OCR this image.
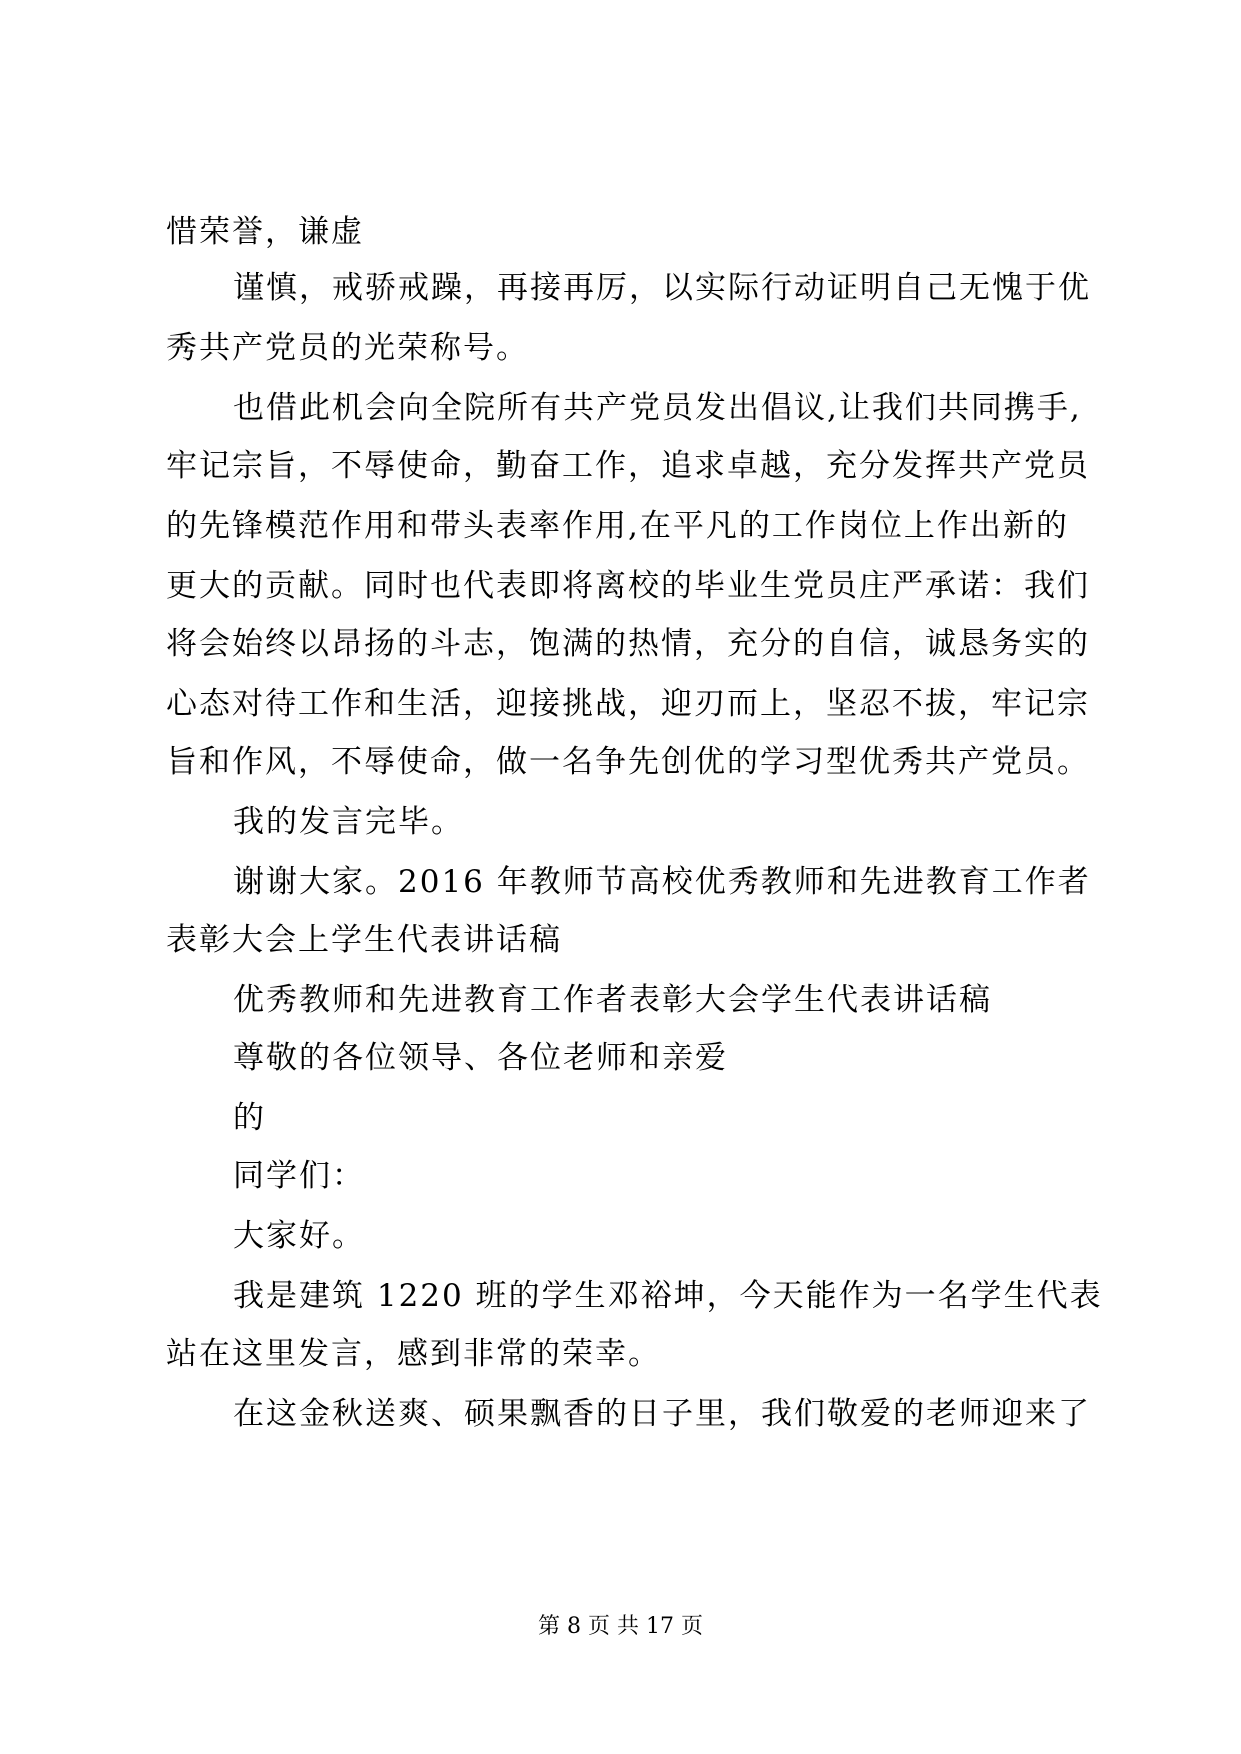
惜荣誉，谦虚
谨慎，戒骄戒躁，再接再厉，以实际行动证明自己无愧于优
秀共产党员的光荣称号。
也借此机会向全院所有共产党员发出倡议,让我们共同携手,
牢记宗旨，不辱使命，勤奋工作，追求卓越，充分发挥共产党员
的先锋模范作用和带头表率作用,在平凡的工作岗位上作出新的
更大的贡献。同时也代表即将离校的毕业生党员庄严承诺：我们
将会始终以昂扬的斗志，饱满的热情，充分的自信，诚恳务实的
心态对待工作和生活，迎接挑战，迎刃而上，坚忍不拔，牢记宗
旨和作风，不辱使命，做一名争先创优的学习型优秀共产党员。
我的发言完毕。
谢谢大家。2016 年教师节高校优秀教师和先进教育工作者
表彰大会上学生代表讲话稿
优秀教师和先进教育工作者表彰大会学生代表讲话稿
尊敬的各位领导、各位老师和亲爱
的
同学们：
大家好。
我是建筑 1220 班的学生邓裕坤，今天能作为一名学生代表
站在这里发言，感到非常的荣幸。
在这金秋送爽、硕果飘香的日子里，我们敬爱的老师迎来了
第 8 页 共 17 页
